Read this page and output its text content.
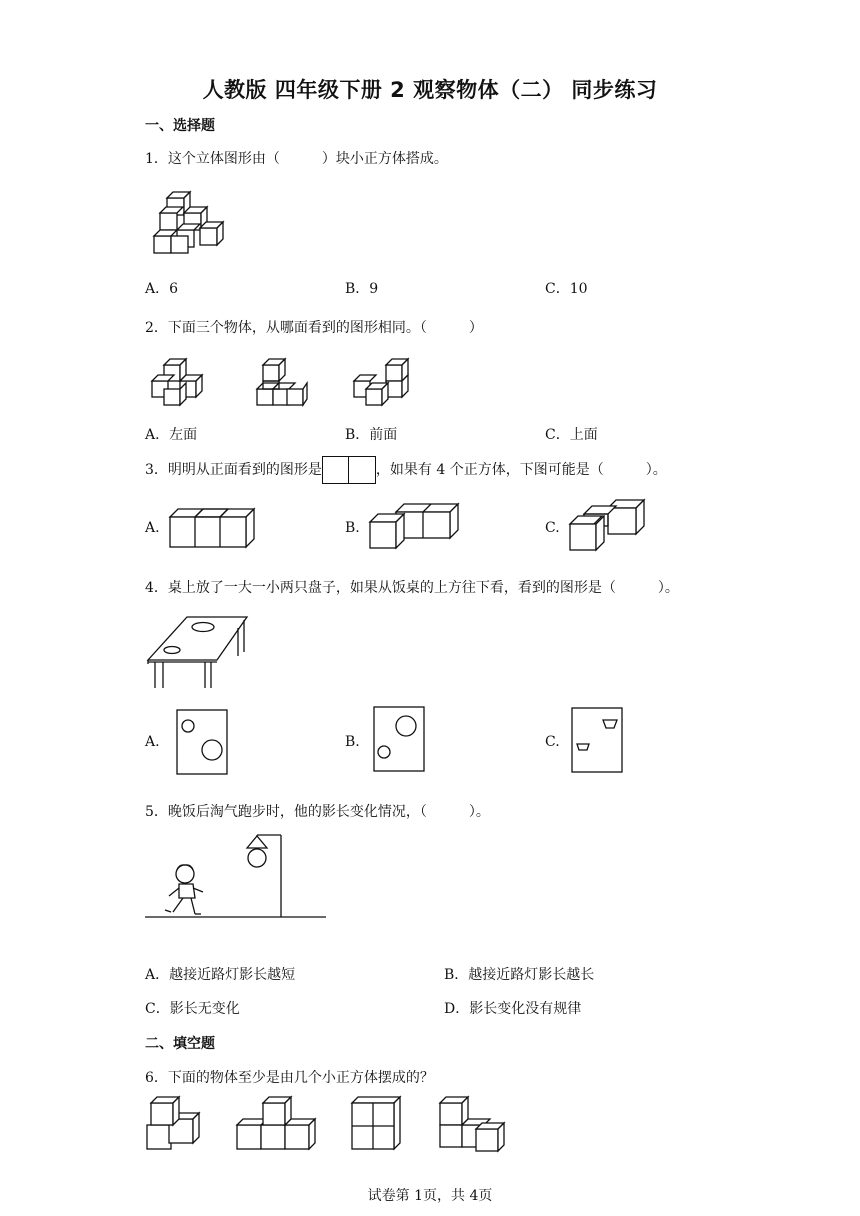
人教版 四年级下册 2 观察物体（二） 同步练习
一、选择题
1．这个立体图形由（　　　）块小正方体搭成。
A．6	B．9	C．10
2．下面三个物体，从哪面看到的图形相同。（　　　）
A．左面	B．前面	C．上面
3．明明从正面看到的图形是	，如果有 4 个正方体，下图可能是（　　　）。
A.	B.	C.
4．桌上放了一大一小两只盘子，如果从饭桌的上方往下看，看到的图形是（　　　）。
A.	B.	C.
5．晚饭后淘气跑步时，他的影长变化情况，（　　　）。
A．越接近路灯影长越短	B．越接近路灯影长越长
C．影长无变化	D．影长变化没有规律
二、填空题
6．下面的物体至少是由几个小正方体摆成的？
试卷第 1页，共 4页
